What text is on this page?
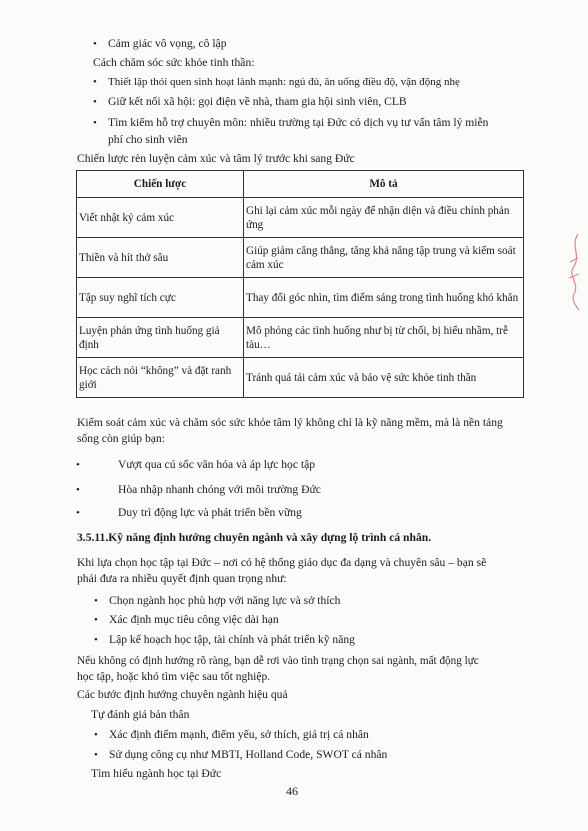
• Cảm giác vô vọng, cô lập
Cách chăm sóc sức khỏe tinh thần:
• Thiết lập thói quen sinh hoạt lành mạnh: ngủ đủ, ăn uống điều độ, vận động nhẹ
• Giữ kết nối xã hội: gọi điện về nhà, tham gia hội sinh viên, CLB
• Tìm kiếm hỗ trợ chuyên môn: nhiều trường tại Đức có dịch vụ tư vấn tâm lý miễn
phí cho sinh viên
Chiến lược rèn luyện cảm xúc và tâm lý trước khi sang Đức
Chiến lược	Mô tả
Viết nhật ký cảm xúc	Ghi lại cảm xúc mỗi ngày để nhận diện và điều chỉnh phản ứng
Thiền và hít thở sâu	Giúp giảm căng thẳng, tăng khả năng tập trung và kiểm soát cảm xúc
Tập suy nghĩ tích cực	Thay đổi góc nhìn, tìm điểm sáng trong tình huống khó khăn
Luyện phản ứng tình huống giả định	Mô phỏng các tình huống như bị từ chối, bị hiểu nhầm, trễ tàu…
Học cách nói “không” và đặt ranh giới	Tránh quá tải cảm xúc và bảo vệ sức khỏe tinh thần
Kiểm soát cảm xúc và chăm sóc sức khỏe tâm lý không chỉ là kỹ năng mềm, mà là nền tảng
sống còn giúp bạn:
•	Vượt qua cú sốc văn hóa và áp lực học tập
•	Hòa nhập nhanh chóng với môi trường Đức
•	Duy trì động lực và phát triển bền vững
3.5.11.Kỹ năng định hướng chuyên ngành và xây dựng lộ trình cá nhân.
Khi lựa chọn học tập tại Đức – nơi có hệ thống giáo dục đa dạng và chuyên sâu – bạn sẽ
phải đưa ra nhiều quyết định quan trọng như:
• Chọn ngành học phù hợp với năng lực và sở thích
• Xác định mục tiêu công việc dài hạn
• Lập kế hoạch học tập, tài chính và phát triển kỹ năng
Nếu không có định hướng rõ ràng, bạn dễ rơi vào tình trạng chọn sai ngành, mất động lực
học tập, hoặc khó tìm việc sau tốt nghiệp.
Các bước định hướng chuyên ngành hiệu quả
Tự đánh giá bản thân
• Xác định điểm mạnh, điểm yếu, sở thích, giá trị cá nhân
• Sử dụng công cụ như MBTI, Holland Code, SWOT cá nhân
Tìm hiểu ngành học tại Đức
46
